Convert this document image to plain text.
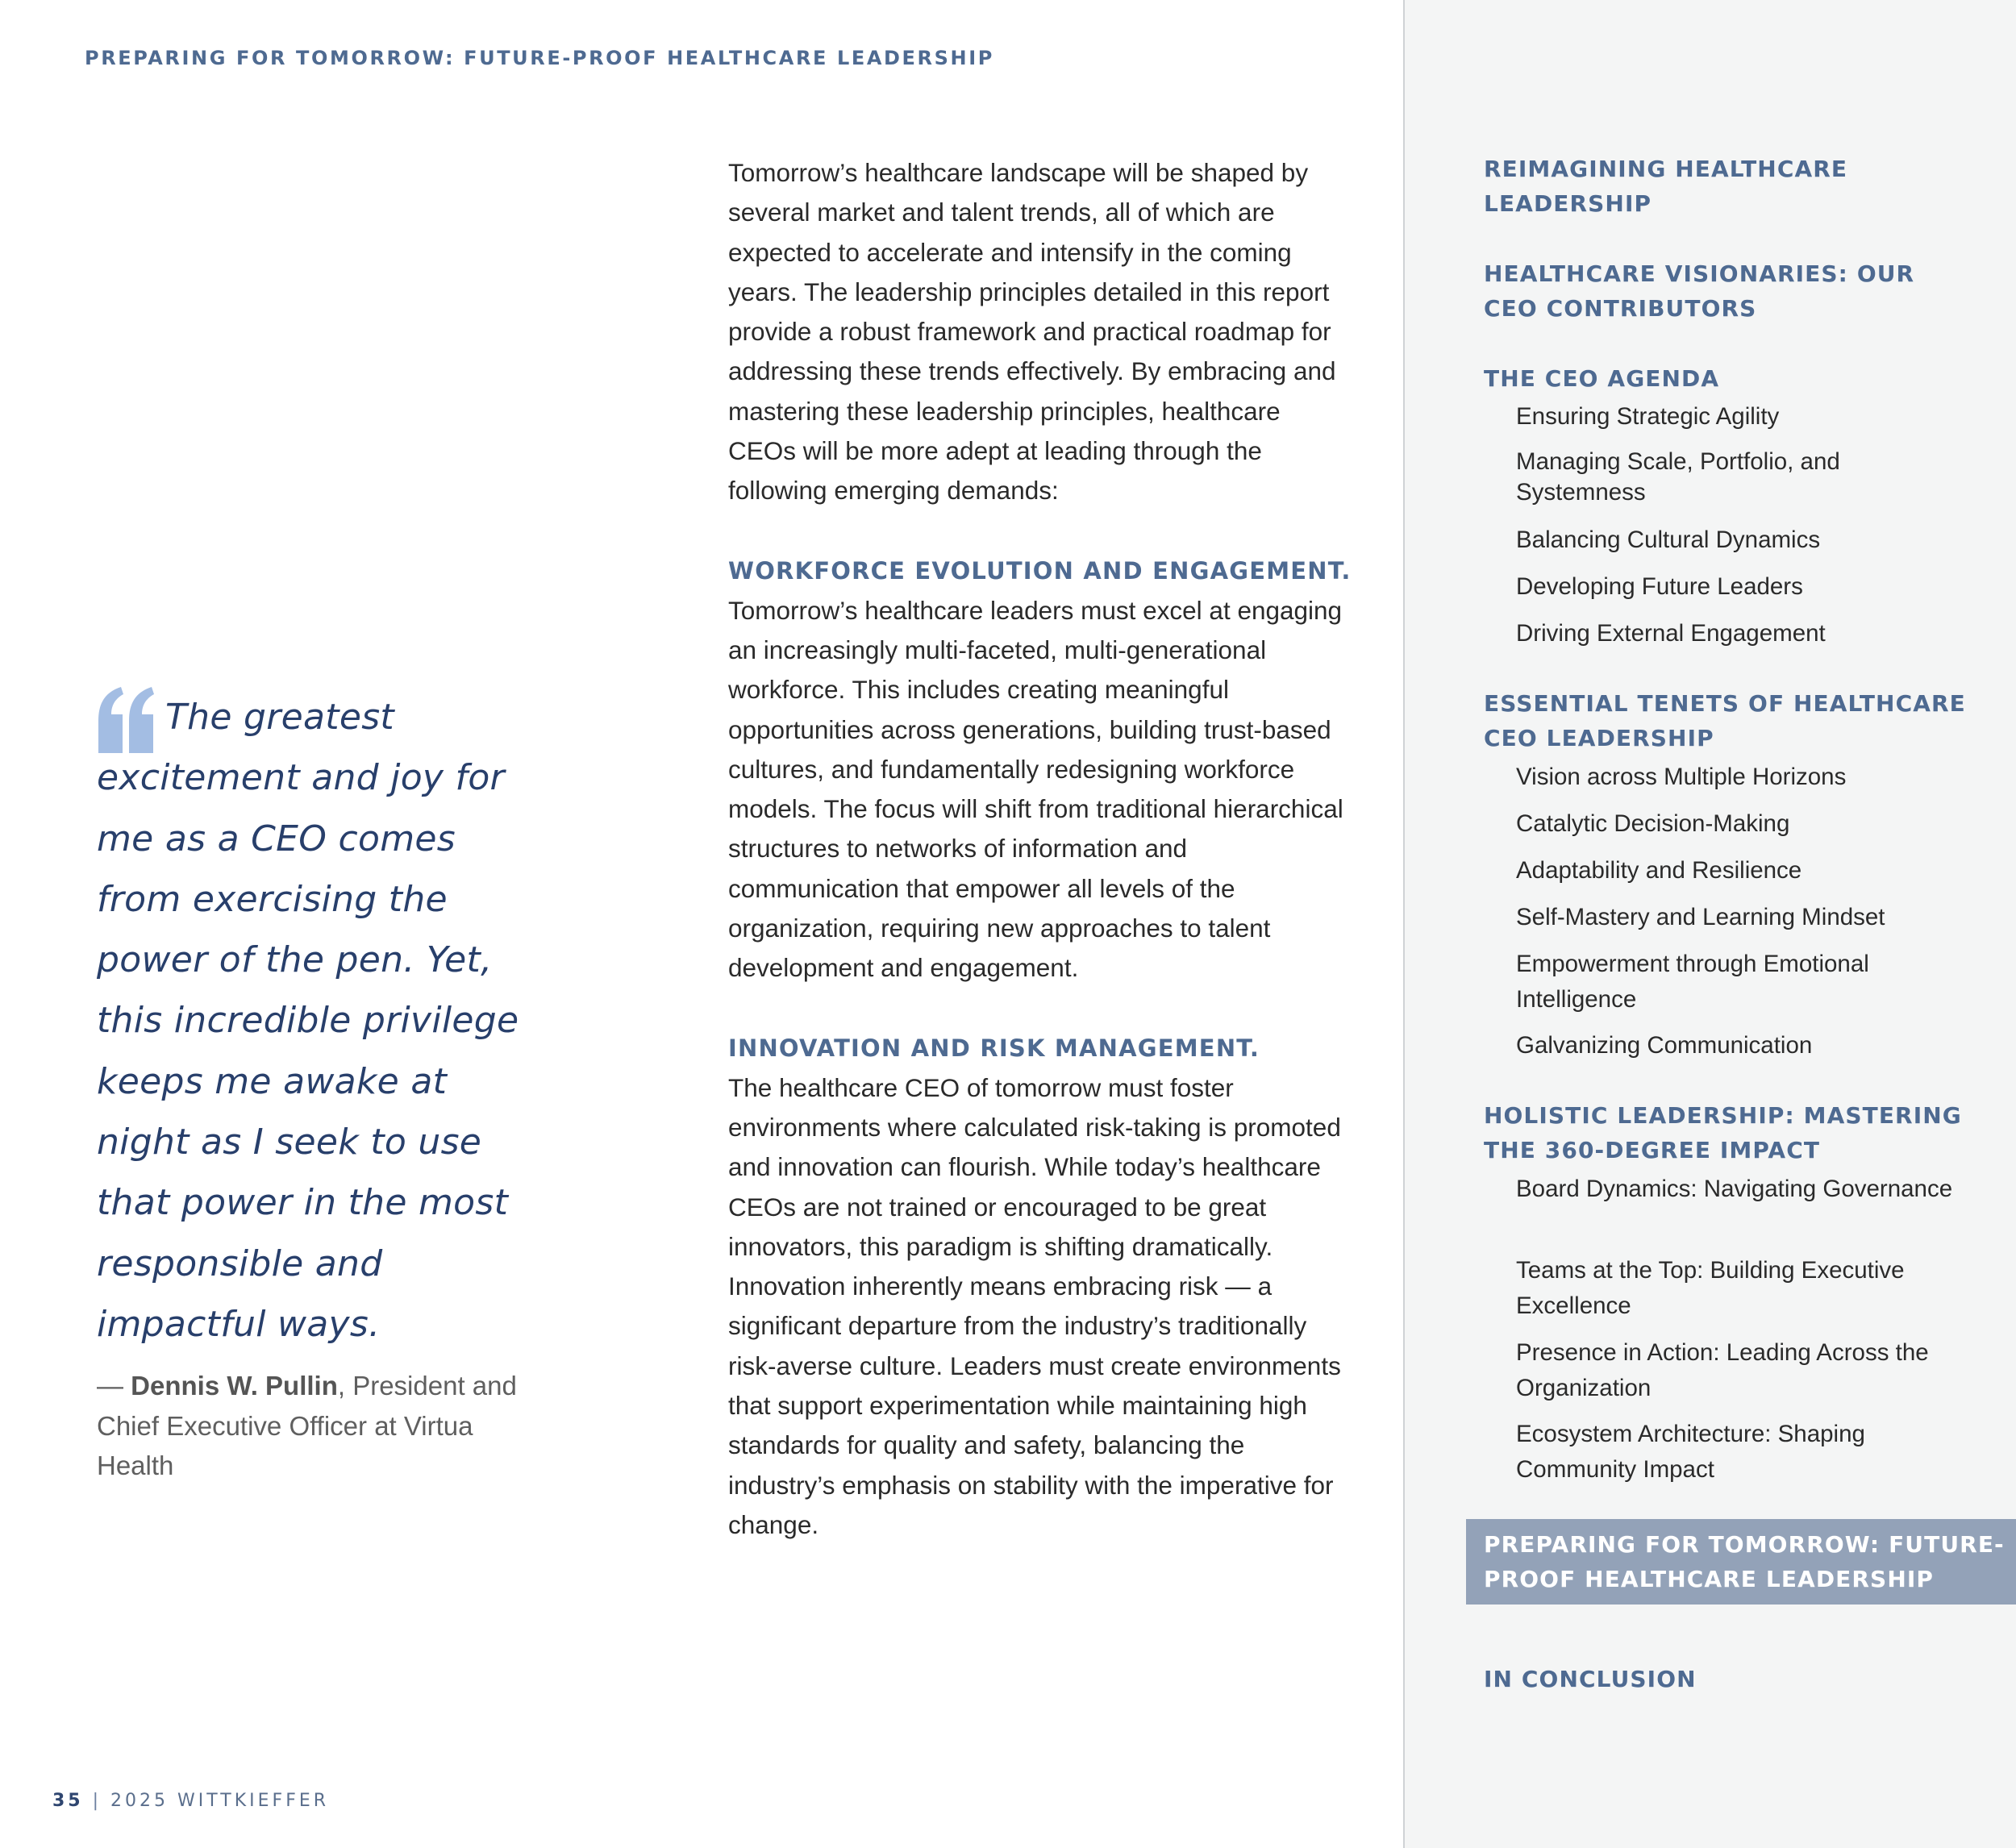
PREPARING FOR TOMORROW: FUTURE-PROOF HEALTHCARE LEADERSHIP

The greatest excitement and joy for me as a CEO comes from exercising the power of the pen. Yet, this incredible privilege keeps me awake at night as I seek to use that power in the most responsible and impactful ways.

— Dennis W. Pullin, President and Chief Executive Officer at Virtua Health

Tomorrow’s healthcare landscape will be shaped by several market and talent trends, all of which are expected to accelerate and intensify in the coming years. The leadership principles detailed in this report provide a robust framework and practical roadmap for addressing these trends effectively. By embracing and mastering these leadership principles, healthcare CEOs will be more adept at leading through the following emerging demands:

WORKFORCE EVOLUTION AND ENGAGEMENT.

Tomorrow’s healthcare leaders must excel at engaging an increasingly multi-faceted, multi-generational workforce. This includes creating meaningful opportunities across generations, building trust-based cultures, and fundamentally redesigning workforce models. The focus will shift from traditional hierarchical structures to networks of information and communication that empower all levels of the organization, requiring new approaches to talent development and engagement.

INNOVATION AND RISK MANAGEMENT.

The healthcare CEO of tomorrow must foster environments where calculated risk-taking is promoted and innovation can flourish. While today’s healthcare CEOs are not trained or encouraged to be great innovators, this paradigm is shifting dramatically. Innovation inherently means embracing risk — a significant departure from the industry’s traditionally risk-averse culture. Leaders must create environments that support experimentation while maintaining high standards for quality and safety, balancing the industry’s emphasis on stability with the imperative for change.

35 | 2025 WITTKIEFFER
REIMAGINING HEALTHCARE LEADERSHIP
HEALTHCARE VISIONARIES: OUR CEO CONTRIBUTORS
THE CEO AGENDA
Ensuring Strategic Agility
Managing Scale, Portfolio, and Systemness
Balancing Cultural Dynamics
Developing Future Leaders
Driving External Engagement
ESSENTIAL TENETS OF HEALTHCARE CEO LEADERSHIP
Vision across Multiple Horizons
Catalytic Decision-Making
Adaptability and Resilience
Self-Mastery and Learning Mindset
Empowerment through Emotional Intelligence
Galvanizing Communication
HOLISTIC LEADERSHIP: MASTERING THE 360-DEGREE IMPACT
Board Dynamics: Navigating Governance
Teams at the Top: Building Executive Excellence
Presence in Action: Leading Across the Organization
Ecosystem Architecture: Shaping Community Impact
PREPARING FOR TOMORROW: FUTURE-PROOF HEALTHCARE LEADERSHIP
IN CONCLUSION
